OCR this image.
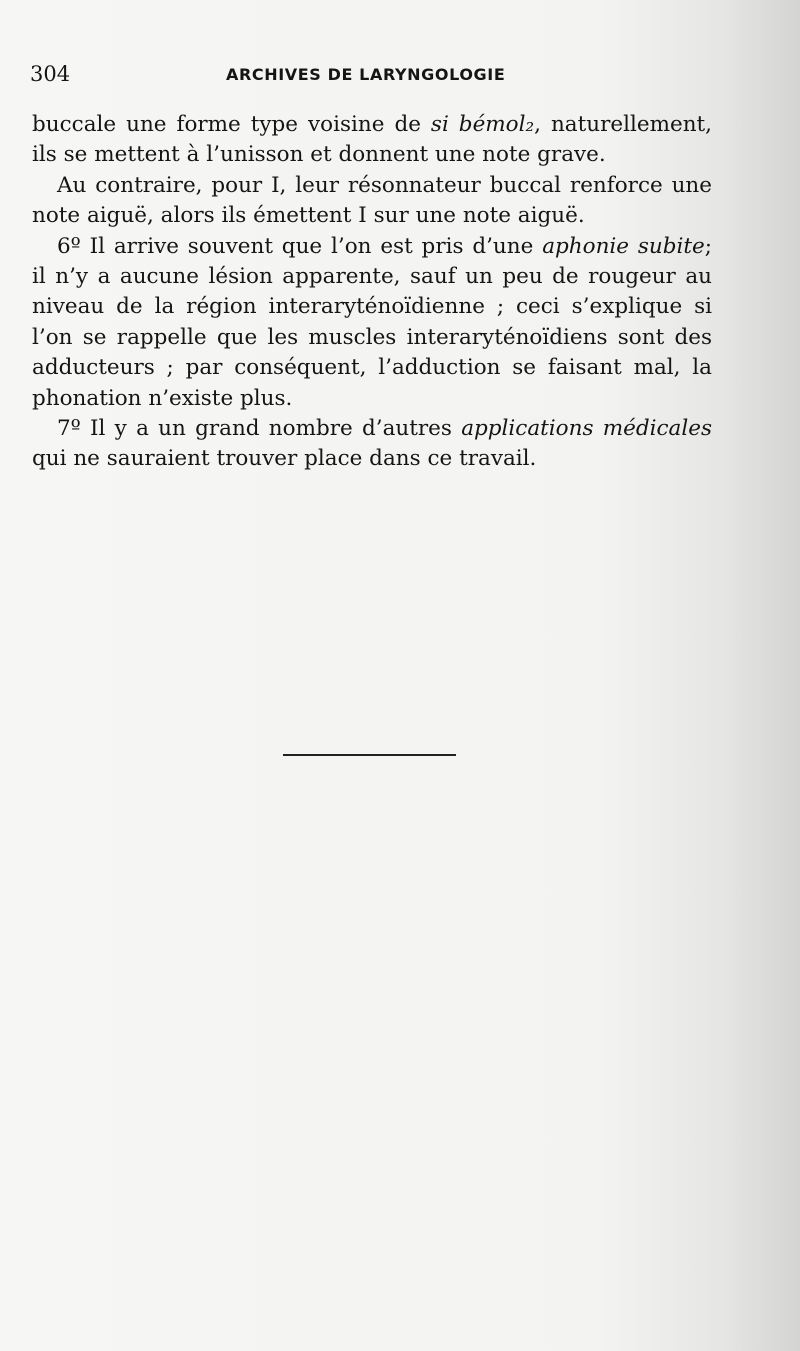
304	ARCHIVES DE LARYNGOLOGIE
buccale une forme type voisine de si bémol₂, naturellement,
ils se mettent à l’unisson et donnent une note grave.
Au contraire, pour I, leur résonnateur buccal renforce une
note aiguë, alors ils émettent I sur une note aiguë.
6º Il arrive souvent que l’on est pris d’une aphonie subite;
il n’y a aucune lésion apparente, sauf un peu de rougeur au
niveau de la région interaryténoïdienne ; ceci s’explique si
l’on se rappelle que les muscles interaryténoïdiens sont des
adducteurs ; par conséquent, l’adduction se faisant mal, la
phonation n’existe plus.
7º Il y a un grand nombre d’autres applications médicales
qui ne sauraient trouver place dans ce travail.
